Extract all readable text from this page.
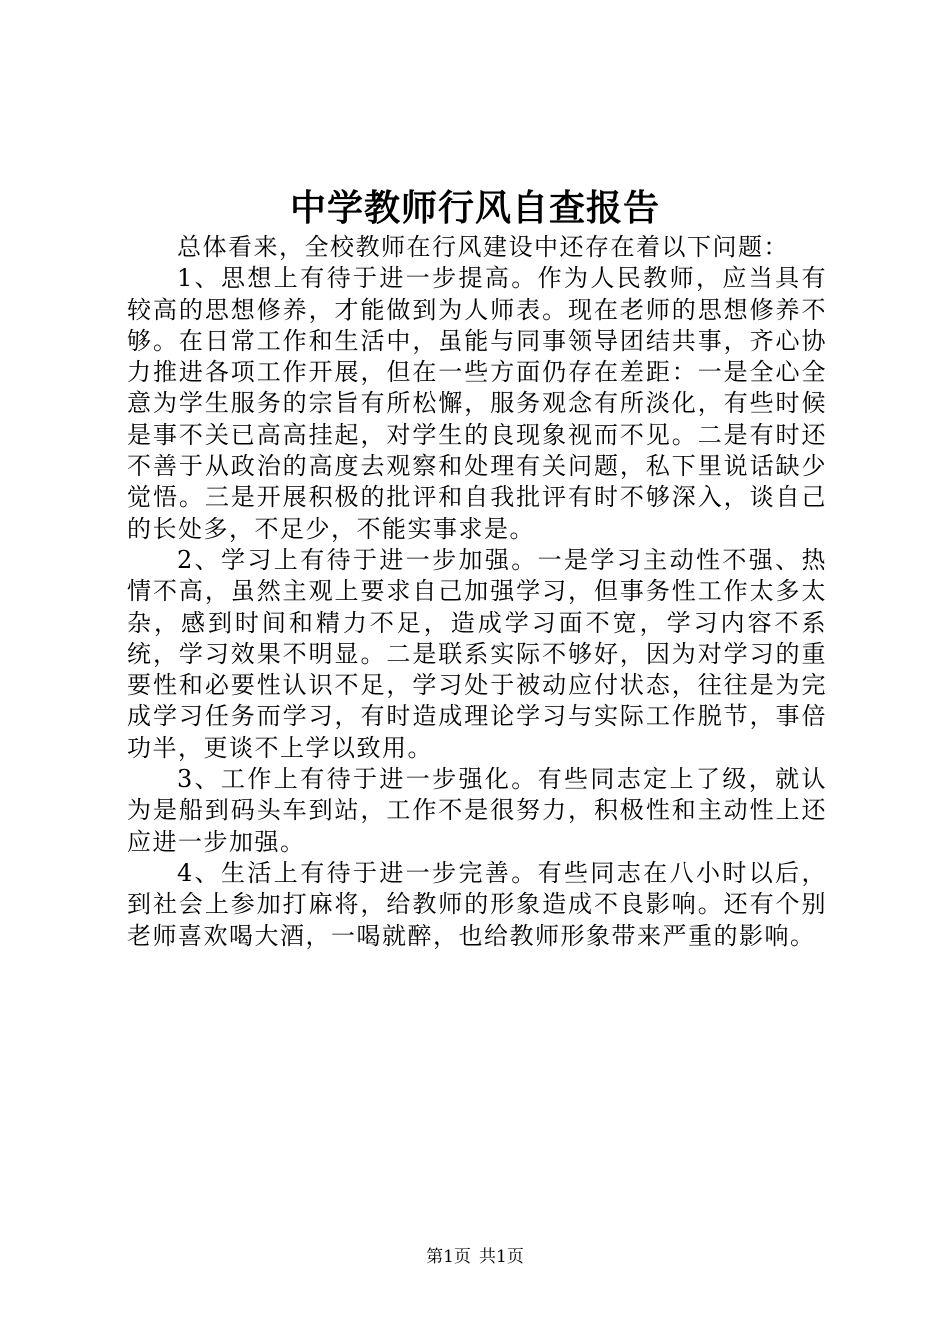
中学教师行风自查报告

总体看来，全校教师在行风建设中还存在着以下问题：

1、思想上有待于进一步提高。作为人民教师，应当具有较高的思想修养，才能做到为人师表。现在老师的思想修养不够。在日常工作和生活中，虽能与同事领导团结共事，齐心协力推进各项工作开展，但在一些方面仍存在差距：一是全心全意为学生服务的宗旨有所松懈，服务观念有所淡化，有些时候是事不关已高高挂起，对学生的良现象视而不见。二是有时还不善于从政治的高度去观察和处理有关问题，私下里说话缺少觉悟。三是开展积极的批评和自我批评有时不够深入，谈自己的长处多，不足少，不能实事求是。

2、学习上有待于进一步加强。一是学习主动性不强、热情不高，虽然主观上要求自己加强学习，但事务性工作太多太杂，感到时间和精力不足，造成学习面不宽，学习内容不系统，学习效果不明显。二是联系实际不够好，因为对学习的重要性和必要性认识不足，学习处于被动应付状态，往往是为完成学习任务而学习，有时造成理论学习与实际工作脱节，事倍功半，更谈不上学以致用。

3、工作上有待于进一步强化。有些同志定上了级，就认为是船到码头车到站，工作不是很努力，积极性和主动性上还应进一步加强。

4、生活上有待于进一步完善。有些同志在八小时以后，到社会上参加打麻将，给教师的形象造成不良影响。还有个别老师喜欢喝大酒，一喝就醉，也给教师形象带来严重的影响。

第1页 共1页
